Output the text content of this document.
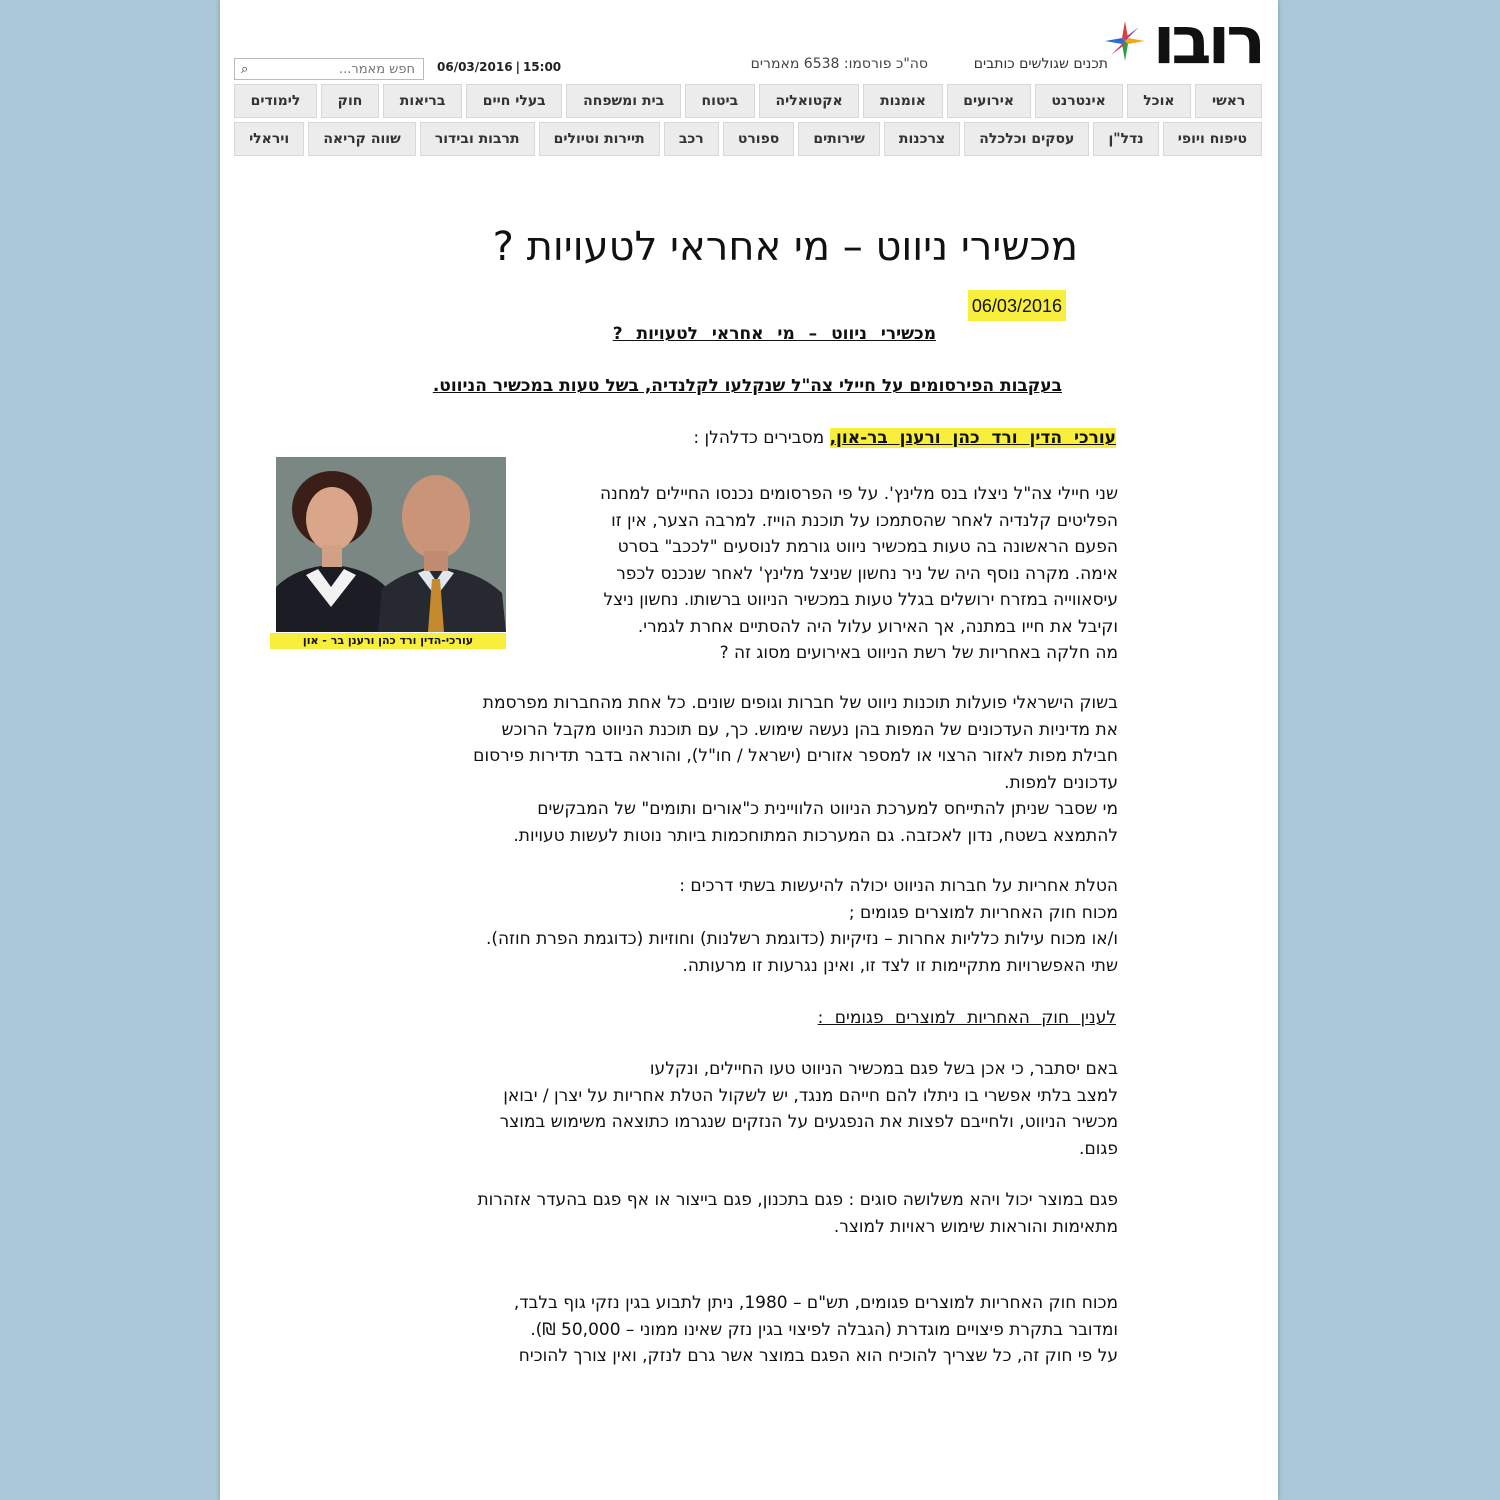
רובו
תכנים שגולשים כותבים
סה"כ פורסמו: 6538 מאמרים
⌕
חפש מאמר...	06/03/2016 | 15:00
ראשי
אוכל
אינטרנט
אירועים
אומנות
אקטואליה
ביטוח
בית ומשפחה
בעלי חיים
בריאות
חוק
לימודים
טיפוח ויופי
נדל"ן
עסקים וכלכלה
צרכנות
שירותים
ספורט
רכב
תיירות וטיולים
תרבות ובידור
שווה קריאה
ויראלי
מכשירי ניווט – מי אחראי לטעויות ?
06/03/2016
מכשירי ניווט – מי אחראי לטעויות ?
בעקבות הפירסומים על חיילי צה"ל שנקלעו לקלנדיה, בשל טעות במכשיר הניווט.
עורכי הדין ורד כהן ורענן בר-און, מסבירים כדלהלן :
עורכי-הדין ורד כהן ורענן בר - און

שני חיילי צה"ל ניצלו בנס מלינץ'. על פי הפרסומים נכנסו החיילים למחנה

הפליטים קלנדיה לאחר שהסתמכו על תוכנת הוייז. למרבה הצער, אין זו

הפעם הראשונה בה טעות במכשיר ניווט גורמת לנוסעים "לככב" בסרט

אימה. מקרה נוסף היה של ניר נחשון שניצל מלינץ' לאחר שנכנס לכפר

עיסאווייה במזרח ירושלים בגלל טעות במכשיר הניווט ברשותו. נחשון ניצל

וקיבל את חייו במתנה, אך האירוע עלול היה להסתיים אחרת לגמרי.

מה חלקה באחריות של רשת הניווט באירועים מסוג זה ?

בשוק הישראלי פועלות תוכנות ניווט של חברות וגופים שונים. כל אחת מהחברות מפרסמת

את מדיניות העדכונים של המפות בהן נעשה שימוש. כך, עם תוכנת הניווט מקבל הרוכש

חבילת מפות לאזור הרצוי או למספר אזורים (ישראל / חו"ל), והוראה בדבר תדירות פירסום

עדכונים למפות.

מי שסבר שניתן להתייחס למערכת הניווט הלוויינית כ"אורים ותומים" של המבקשים

להתמצא בשטח, נדון לאכזבה. גם המערכות המתוחכמות ביותר נוטות לעשות טעויות.

הטלת אחריות על חברות הניווט יכולה להיעשות בשתי דרכים :

מכוח חוק האחריות למוצרים פגומים ;

ו/או מכוח עילות כלליות אחרות – נזיקיות (כדוגמת רשלנות) וחוזיות (כדוגמת הפרת חוזה).

שתי האפשרויות מתקיימות זו לצד זו, ואינן נגרעות זו מרעותה.

לענין חוק האחריות למוצרים פגומים :

באם יסתבר, כי אכן בשל פגם במכשיר הניווט טעו החיילים, ונקלעו

למצב בלתי אפשרי בו ניתלו להם חייהם מנגד, יש לשקול הטלת אחריות על יצרן / יבואן

מכשיר הניווט, ולחייבם לפצות את הנפגעים על הנזקים שנגרמו כתוצאה משימוש במוצר

פגום.

פגם במוצר יכול ויהא משלושה סוגים : פגם בתכנון, פגם בייצור או אף פגם בהעדר אזהרות

מתאימות והוראות שימוש ראויות למוצר.

מכוח חוק האחריות למוצרים פגומים, תש"ם – 1980, ניתן לתבוע בגין נזקי גוף בלבד,

ומדובר בתקרת פיצויים מוגדרת (הגבלה לפיצוי בגין נזק שאינו ממוני – 50,000 ₪).

על פי חוק זה, כל שצריך להוכיח הוא הפגם במוצר אשר גרם לנזק, ואין צורך להוכיח
